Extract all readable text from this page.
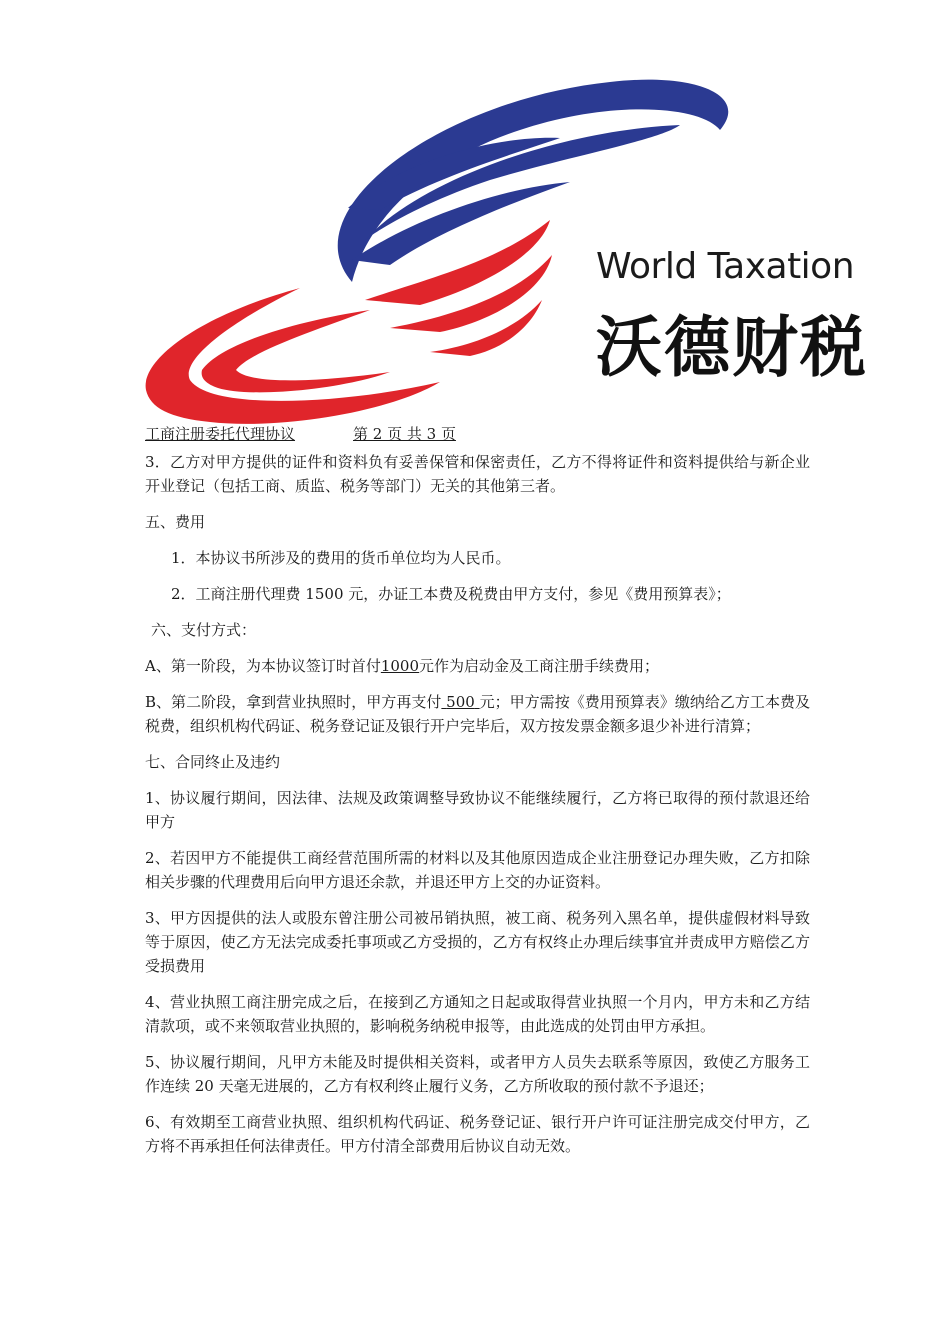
World Taxation
沃德财税
工商注册委托代理协议	第 2 页 共 3 页

3．乙方对甲方提供的证件和资料负有妥善保管和保密责任，乙方不得将证件和资料提供给与新企业开业登记（包括工商、质监、税务等部门）无关的其他第三者。

五、费用

1．本协议书所涉及的费用的货币单位均为人民币。

2．工商注册代理费 1500 元，办证工本费及税费由甲方支付，参见《费用预算表》；

六、支付方式：

A、第一阶段，为本协议签订时首付1000元作为启动金及工商注册手续费用；

B、第二阶段，拿到营业执照时，甲方再支付 500 元；甲方需按《费用预算表》缴纳给乙方工本费及税费，组织机构代码证、税务登记证及银行开户完毕后，双方按发票金额多退少补进行清算；

七、合同终止及违约

1、协议履行期间，因法律、法规及政策调整导致协议不能继续履行，乙方将已取得的预付款退还给甲方

2、若因甲方不能提供工商经营范围所需的材料以及其他原因造成企业注册登记办理失败，乙方扣除相关步骤的代理费用后向甲方退还余款，并退还甲方上交的办证资料。

3、甲方因提供的法人或股东曾注册公司被吊销执照，被工商、税务列入黑名单，提供虚假材料导致等于原因，使乙方无法完成委托事项或乙方受损的，乙方有权终止办理后续事宜并责成甲方赔偿乙方受损费用

4、营业执照工商注册完成之后，在接到乙方通知之日起或取得营业执照一个月内，甲方未和乙方结清款项，或不来领取营业执照的，影响税务纳税申报等，由此选成的处罚由甲方承担。

5、协议履行期间，凡甲方未能及时提供相关资料，或者甲方人员失去联系等原因，致使乙方服务工作连续 20 天毫无进展的，乙方有权利终止履行义务，乙方所收取的预付款不予退还；

6、有效期至工商营业执照、组织机构代码证、税务登记证、银行开户许可证注册完成交付甲方，乙方将不再承担任何法律责任。甲方付清全部费用后协议自动无效。
